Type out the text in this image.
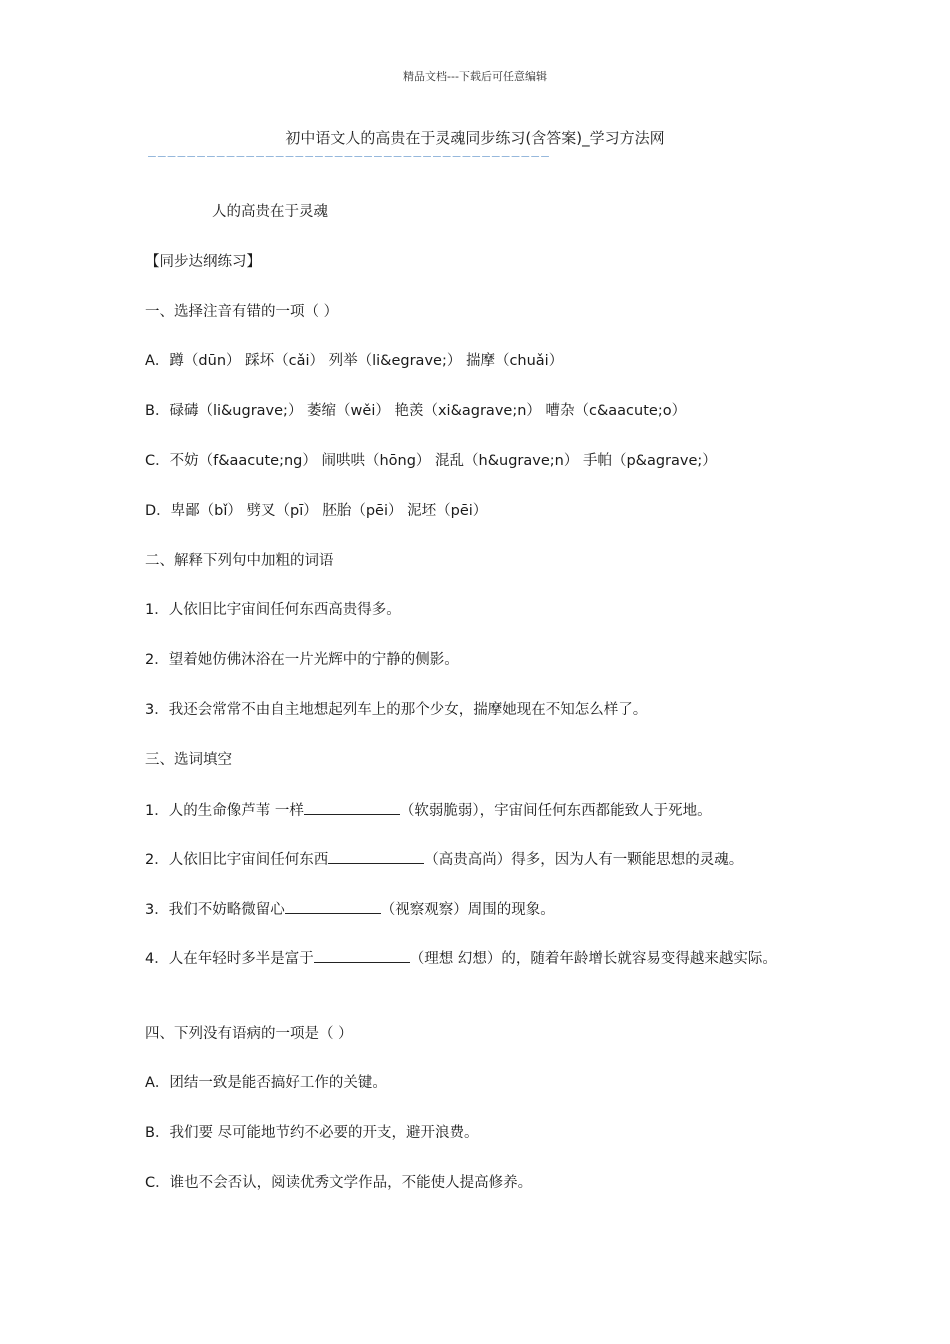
精品文档---下载后可任意编辑
初中语文人的高贵在于灵魂同步练习(含答案)_学习方法网
—————————————————————————————————————————
人的高贵在于灵魂
【同步达纲练习】
一、选择注音有错的一项（ ）
A．蹲（dūn） 踩坏（cǎi） 列举（li&egrave;） 揣摩（chuǎi）
B．碌碡（li&ugrave;） 萎缩（wěi） 艳羡（xi&agrave;n） 嘈杂（c&aacute;o）
C．不妨（f&aacute;ng） 闹哄哄（hōng） 混乱（h&ugrave;n） 手帕（p&agrave;）
D．卑鄙（bǐ） 劈叉（pī） 胚胎（pēi） 泥坯（pēi）
二、解释下列句中加粗的词语
1．人依旧比宇宙间任何东西高贵得多。
2．望着她仿佛沐浴在一片光辉中的宁静的侧影。
3．我还会常常不由自主地想起列车上的那个少女，揣摩她现在不知怎么样了。
三、选词填空
1．人的生命像芦苇 一样	（软弱脆弱），宇宙间任何东西都能致人于死地。
2．人依旧比宇宙间任何东西	（高贵高尚）得多，因为人有一颗能思想的灵魂。
3．我们不妨略微留心	（视察观察）周围的现象。
4．人在年轻时多半是富于	（理想 幻想）的，随着年龄增长就容易变得越来越实际。
四、下列没有语病的一项是（ ）
A．团结一致是能否搞好工作的关键。
B．我们要 尽可能地节约不必要的开支，避开浪费。
C．谁也不会否认，阅读优秀文学作品，不能使人提高修养。
